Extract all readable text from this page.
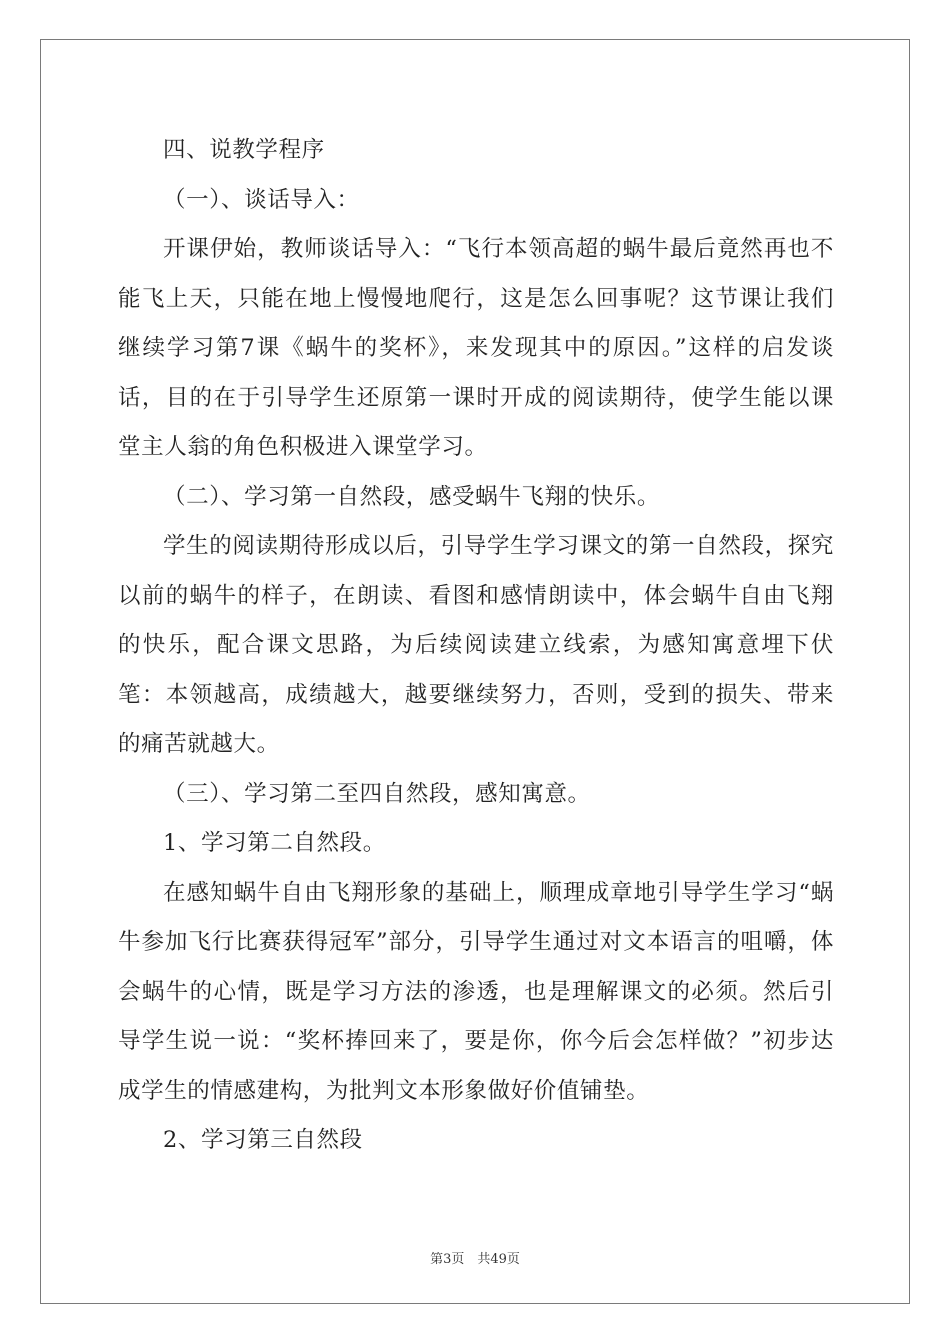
四、说教学程序

（一）、谈话导入：

开课伊始，教师谈话导入：“飞行本领高超的蜗牛最后竟然再也不能飞上天，只能在地上慢慢地爬行，这是怎么回事呢？这节课让我们继续学习第7课《蜗牛的奖杯》，来发现其中的原因。”这样的启发谈话，目的在于引导学生还原第一课时开成的阅读期待，使学生能以课堂主人翁的角色积极进入课堂学习。

（二）、学习第一自然段，感受蜗牛飞翔的快乐。

学生的阅读期待形成以后，引导学生学习课文的第一自然段，探究以前的蜗牛的样子，在朗读、看图和感情朗读中，体会蜗牛自由飞翔的快乐，配合课文思路，为后续阅读建立线索，为感知寓意埋下伏笔：本领越高，成绩越大，越要继续努力，否则，受到的损失、带来的痛苦就越大。

（三）、学习第二至四自然段，感知寓意。

1、学习第二自然段。

在感知蜗牛自由飞翔形象的基础上，顺理成章地引导学生学习“蜗牛参加飞行比赛获得冠军”部分，引导学生通过对文本语言的咀嚼，体会蜗牛的心情，既是学习方法的渗透，也是理解课文的必须。然后引导学生说一说：“奖杯捧回来了，要是你，你今后会怎样做？”初步达成学生的情感建构，为批判文本形象做好价值铺垫。

2、学习第三自然段

第3页　共49页
